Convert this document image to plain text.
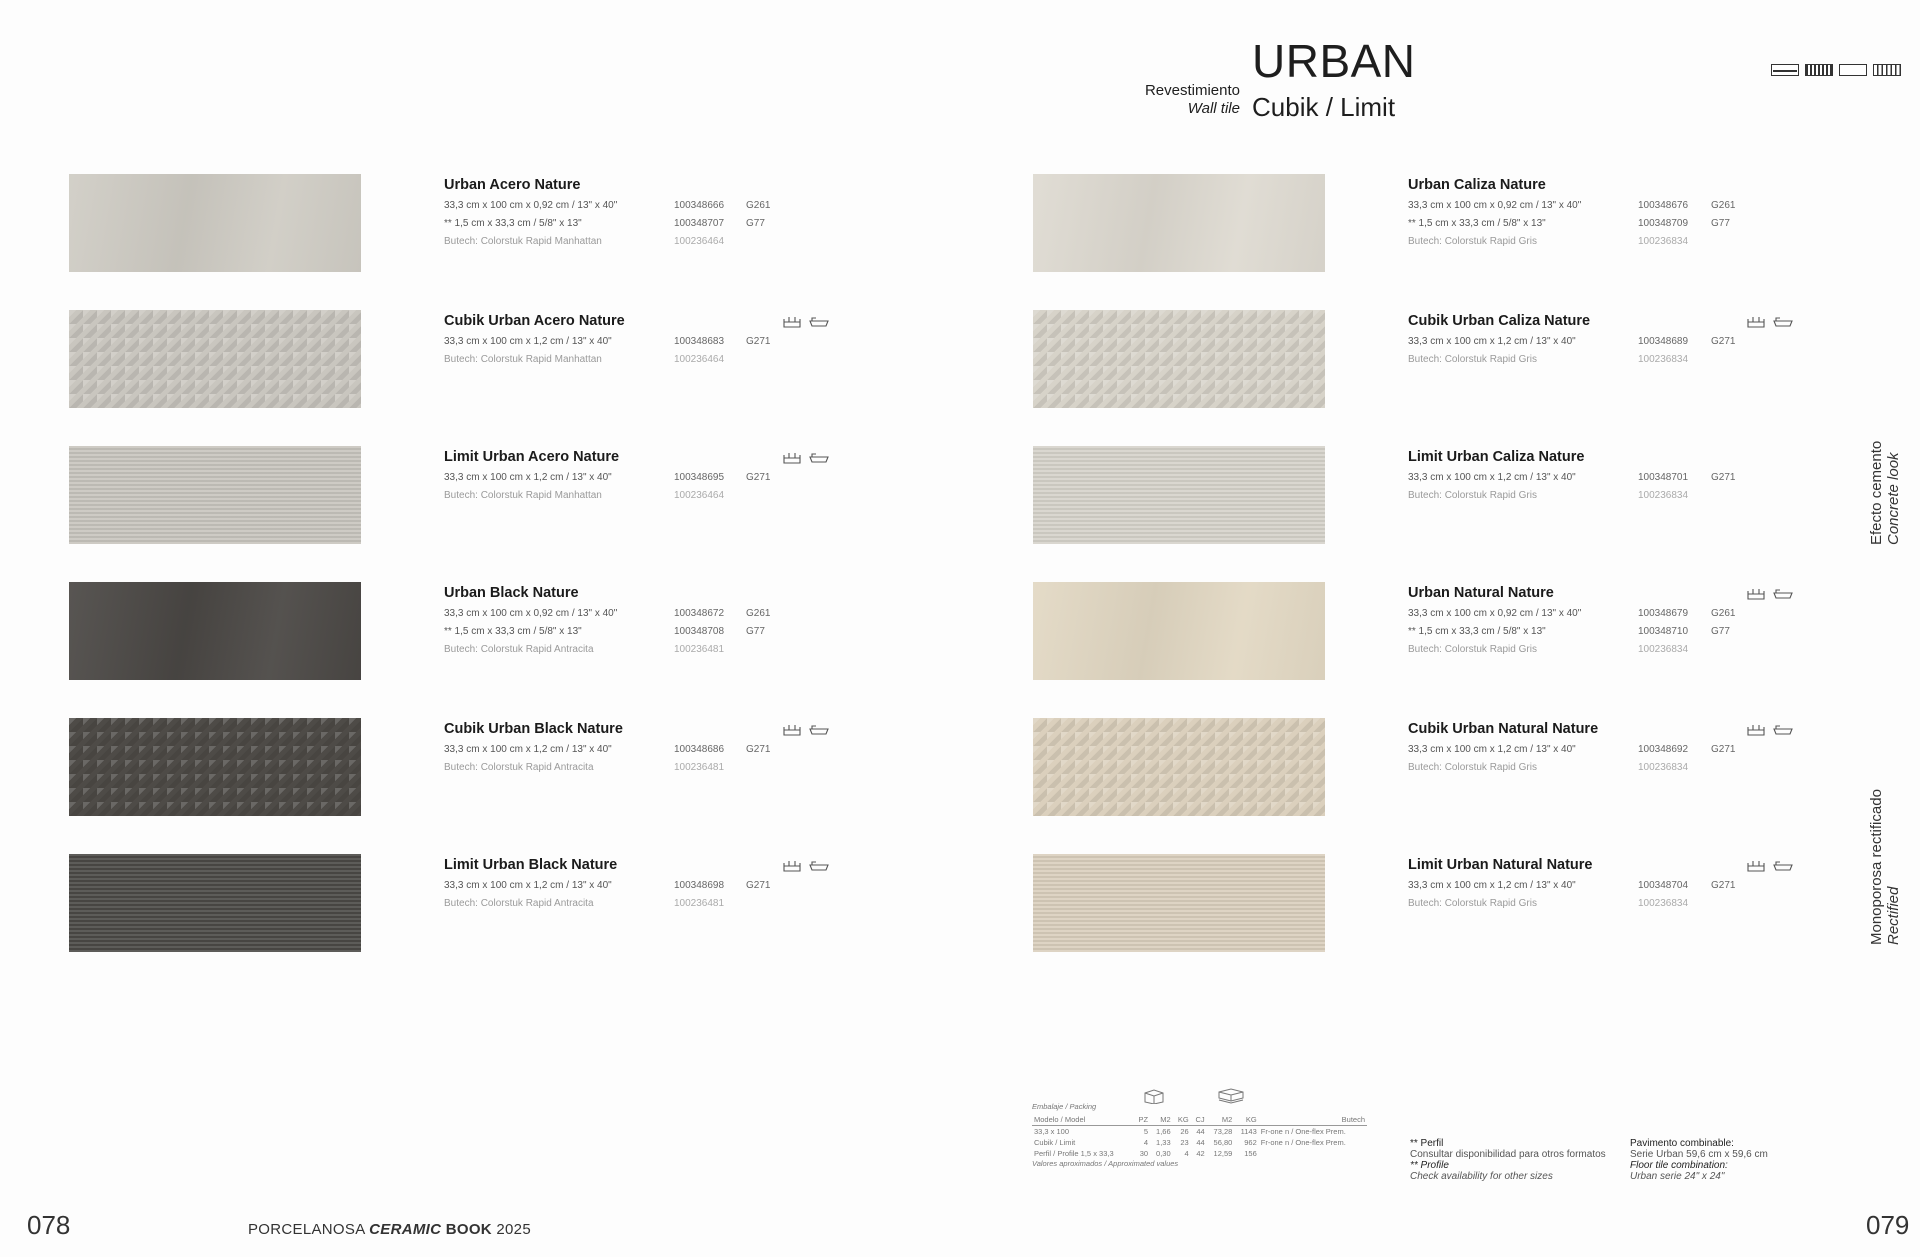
Revestimiento
Wall tile
URBAN
Cubik / Limit
Urban Acero Nature
33,3 cm x 100 cm x 0,92 cm / 13" x 40"	100348666 G261
** 1,5 cm x 33,3 cm / 5/8" x 13"	100348707 G77
Butech: Colorstuk Rapid Manhattan	100236464
Cubik Urban Acero Nature
33,3 cm x 100 cm x 1,2 cm / 13" x 40"	100348683 G271
Butech: Colorstuk Rapid Manhattan	100236464
Limit Urban Acero Nature
33,3 cm x 100 cm x 1,2 cm / 13" x 40"	100348695 G271
Butech: Colorstuk Rapid Manhattan	100236464
Urban Black Nature
33,3 cm x 100 cm x 0,92 cm / 13" x 40"	100348672 G261
** 1,5 cm x 33,3 cm / 5/8" x 13"	100348708 G77
Butech: Colorstuk Rapid Antracita	100236481
Cubik Urban Black Nature
33,3 cm x 100 cm x 1,2 cm / 13" x 40"	100348686 G271
Butech: Colorstuk Rapid Antracita	100236481
Limit Urban Black Nature
33,3 cm x 100 cm x 1,2 cm / 13" x 40"	100348698 G271
Butech: Colorstuk Rapid Antracita	100236481
Urban Caliza Nature
33,3 cm x 100 cm x 0,92 cm / 13" x 40"	100348676 G261
** 1,5 cm x 33,3 cm / 5/8" x 13"	100348709 G77
Butech: Colorstuk Rapid Gris	100236834
Cubik Urban Caliza Nature
33,3 cm x 100 cm x 1,2 cm / 13" x 40"	100348689 G271
Butech: Colorstuk Rapid Gris	100236834
Limit Urban Caliza Nature
33,3 cm x 100 cm x 1,2 cm / 13" x 40"	100348701 G271
Butech: Colorstuk Rapid Gris	100236834
Urban Natural Nature
33,3 cm x 100 cm x 0,92 cm / 13" x 40"	100348679 G261
** 1,5 cm x 33,3 cm / 5/8" x 13"	100348710 G77
Butech: Colorstuk Rapid Gris	100236834
Cubik Urban Natural Nature
33,3 cm x 100 cm x 1,2 cm / 13" x 40"	100348692 G271
Butech: Colorstuk Rapid Gris	100236834
Limit Urban Natural Nature
33,3 cm x 100 cm x 1,2 cm / 13" x 40"	100348704 G271
Butech: Colorstuk Rapid Gris	100236834
Efecto cemento Concrete look
Monoporosa rectificado Rectified
Embalaje / Packing
Modelo / Model	PZ	M2	KG	CJ	M2	KG	Butech
33,3 x 100	5	1,66	26	44	73,28	1143	Fr-one n / One-flex Prem.
Cubik / Limit	4	1,33	23	44	56,80	962	Fr-one n / One-flex Prem.
Perfil / Profile 1,5 x 33,3	30	0,30	4	42	12,59	156	
Valores aproximados / Approximated values
** Perfil
Consultar disponibilidad para otros formatos
** Profile
Check availability for other sizes
Pavimento combinable:
Serie Urban 59,6 cm x 59,6 cm
Floor tile combination:
Urban serie 24" x 24"
078	079
PORCELANOSA CERAMIC BOOK 2025
